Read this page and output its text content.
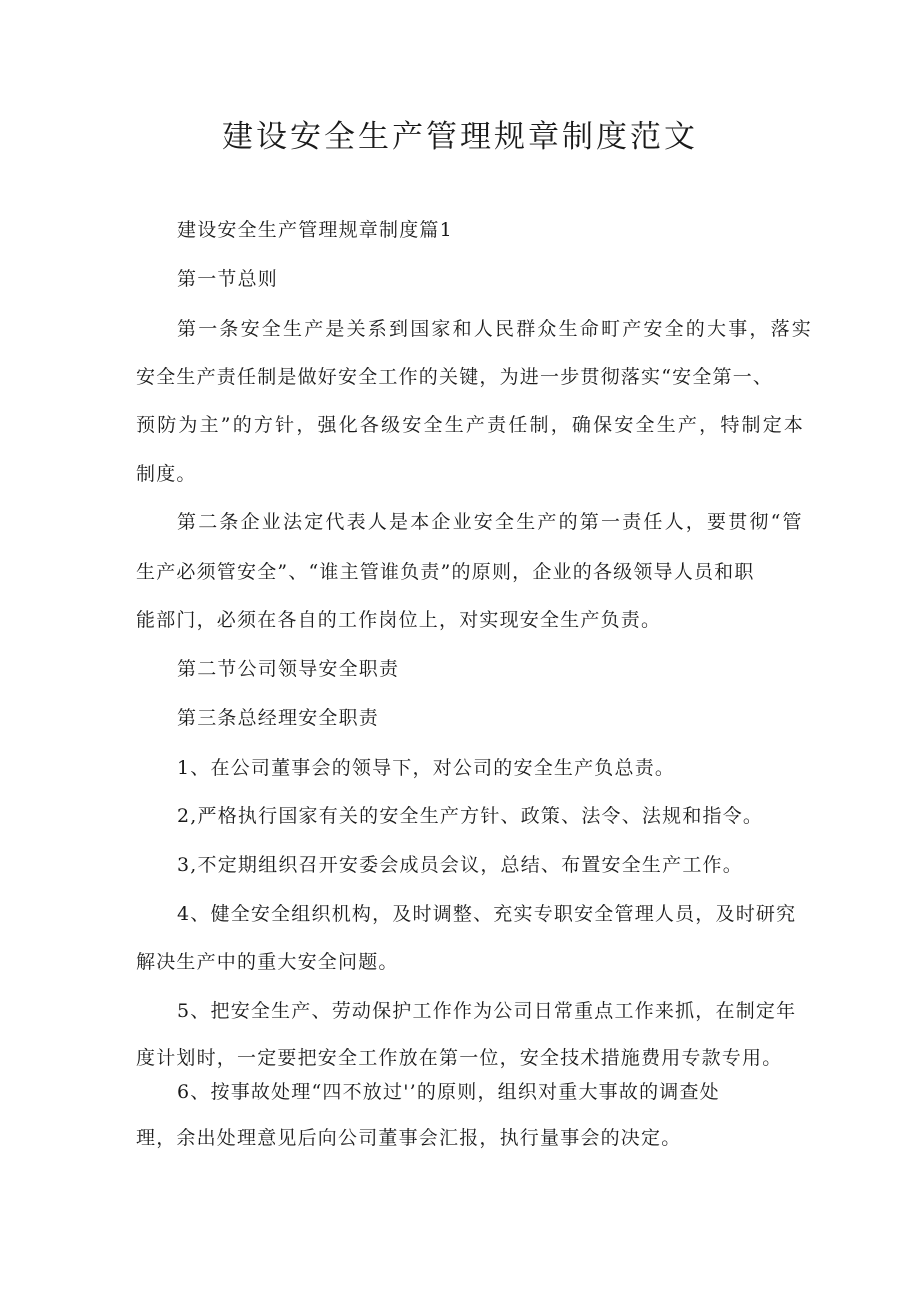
建设安全生产管理规章制度范文
建设安全生产管理规章制度篇1
第一节总则
第一条安全生产是关系到国家和人民群众生命町产安全的大事，落实
安全生产责任制是做好安全工作的关键，为进一步贯彻落实“安全第一、
预防为主”的方针，强化各级安全生产责任制，确保安全生产，特制定本
制度。
第二条企业法定代表人是本企业安全生产的第一责任人，要贯彻“管
生产必须管安全”、“谁主管谁负责”的原则，企业的各级领导人员和职
能部门，必须在各自的工作岗位上，对实现安全生产负责。
第二节公司领导安全职责
第三条总经理安全职责
1、在公司董事会的领导下，对公司的安全生产负总责。
2,严格执行国家有关的安全生产方针、政策、法令、法规和指令。
3,不定期组织召开安委会成员会议，总结、布置安全生产工作。
4、健全安全组织机构，及时调整、充实专职安全管理人员，及时研究
解决生产中的重大安全问题。
5、把安全生产、劳动保护工作作为公司日常重点工作来抓，在制定年
度计划时，一定要把安全工作放在第一位，安全技术措施费用专款专用。
6、按事故处理“四不放过'’的原则，组织对重大事故的调查处
理，余出处理意见后向公司董事会汇报，执行量事会的决定。
